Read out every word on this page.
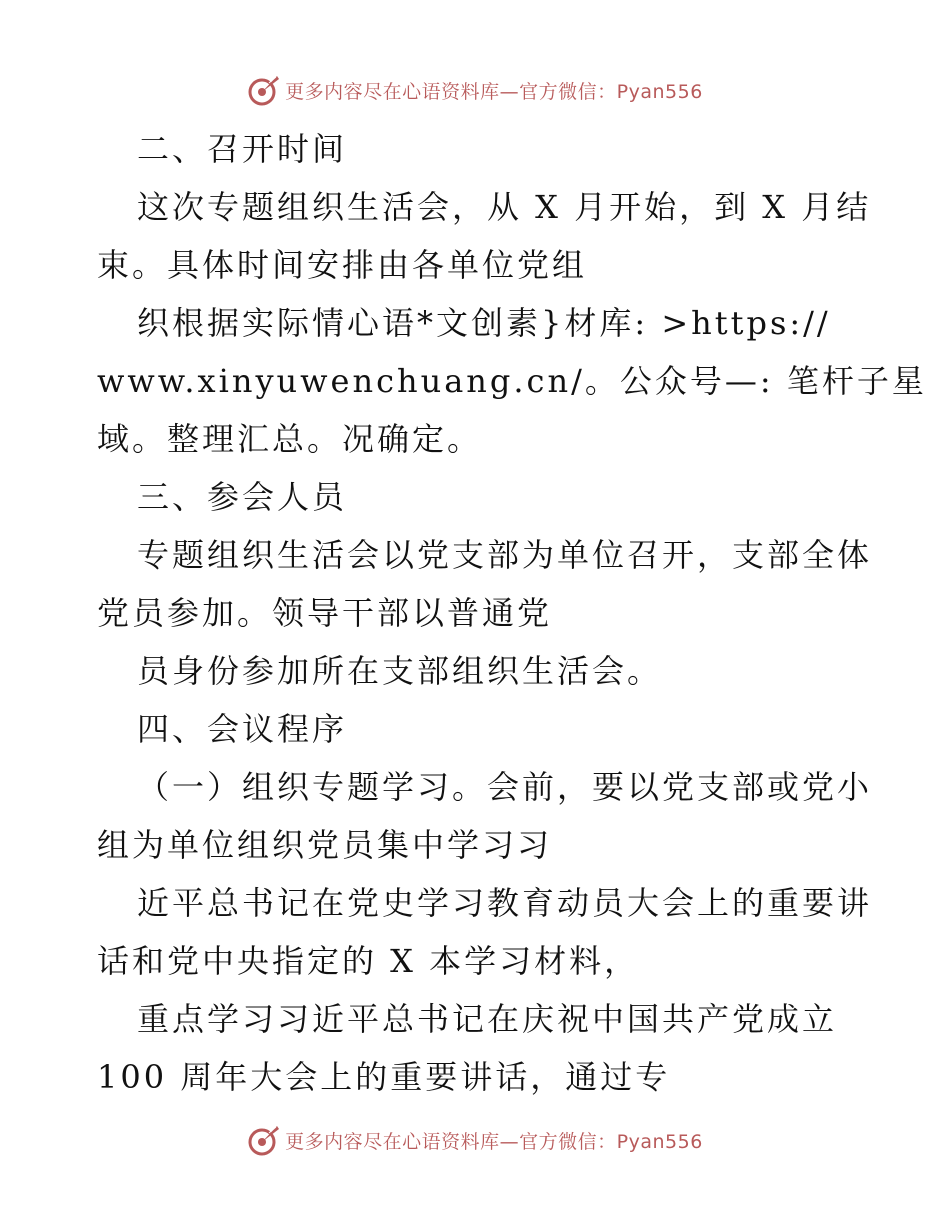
更多内容尽在心语资料库—官方微信：Pyan556
二、召开时间
这次专题组织生活会，从 X 月开始，到 X 月结
束。具体时间安排由各单位党组
织根据实际情心语*文创素}材库: >https://
www.xinyuwenchuang.cn/。公众号—: 笔杆子星
域。整理汇总。况确定。
三、参会人员
专题组织生活会以党支部为单位召开，支部全体
党员参加。领导干部以普通党
员身份参加所在支部组织生活会。
四、会议程序
（一）组织专题学习。会前，要以党支部或党小
组为单位组织党员集中学习习
近平总书记在党史学习教育动员大会上的重要讲
话和党中央指定的 X 本学习材料，
重点学习习近平总书记在庆祝中国共产党成立
100 周年大会上的重要讲话，通过专
更多内容尽在心语资料库—官方微信：Pyan556
